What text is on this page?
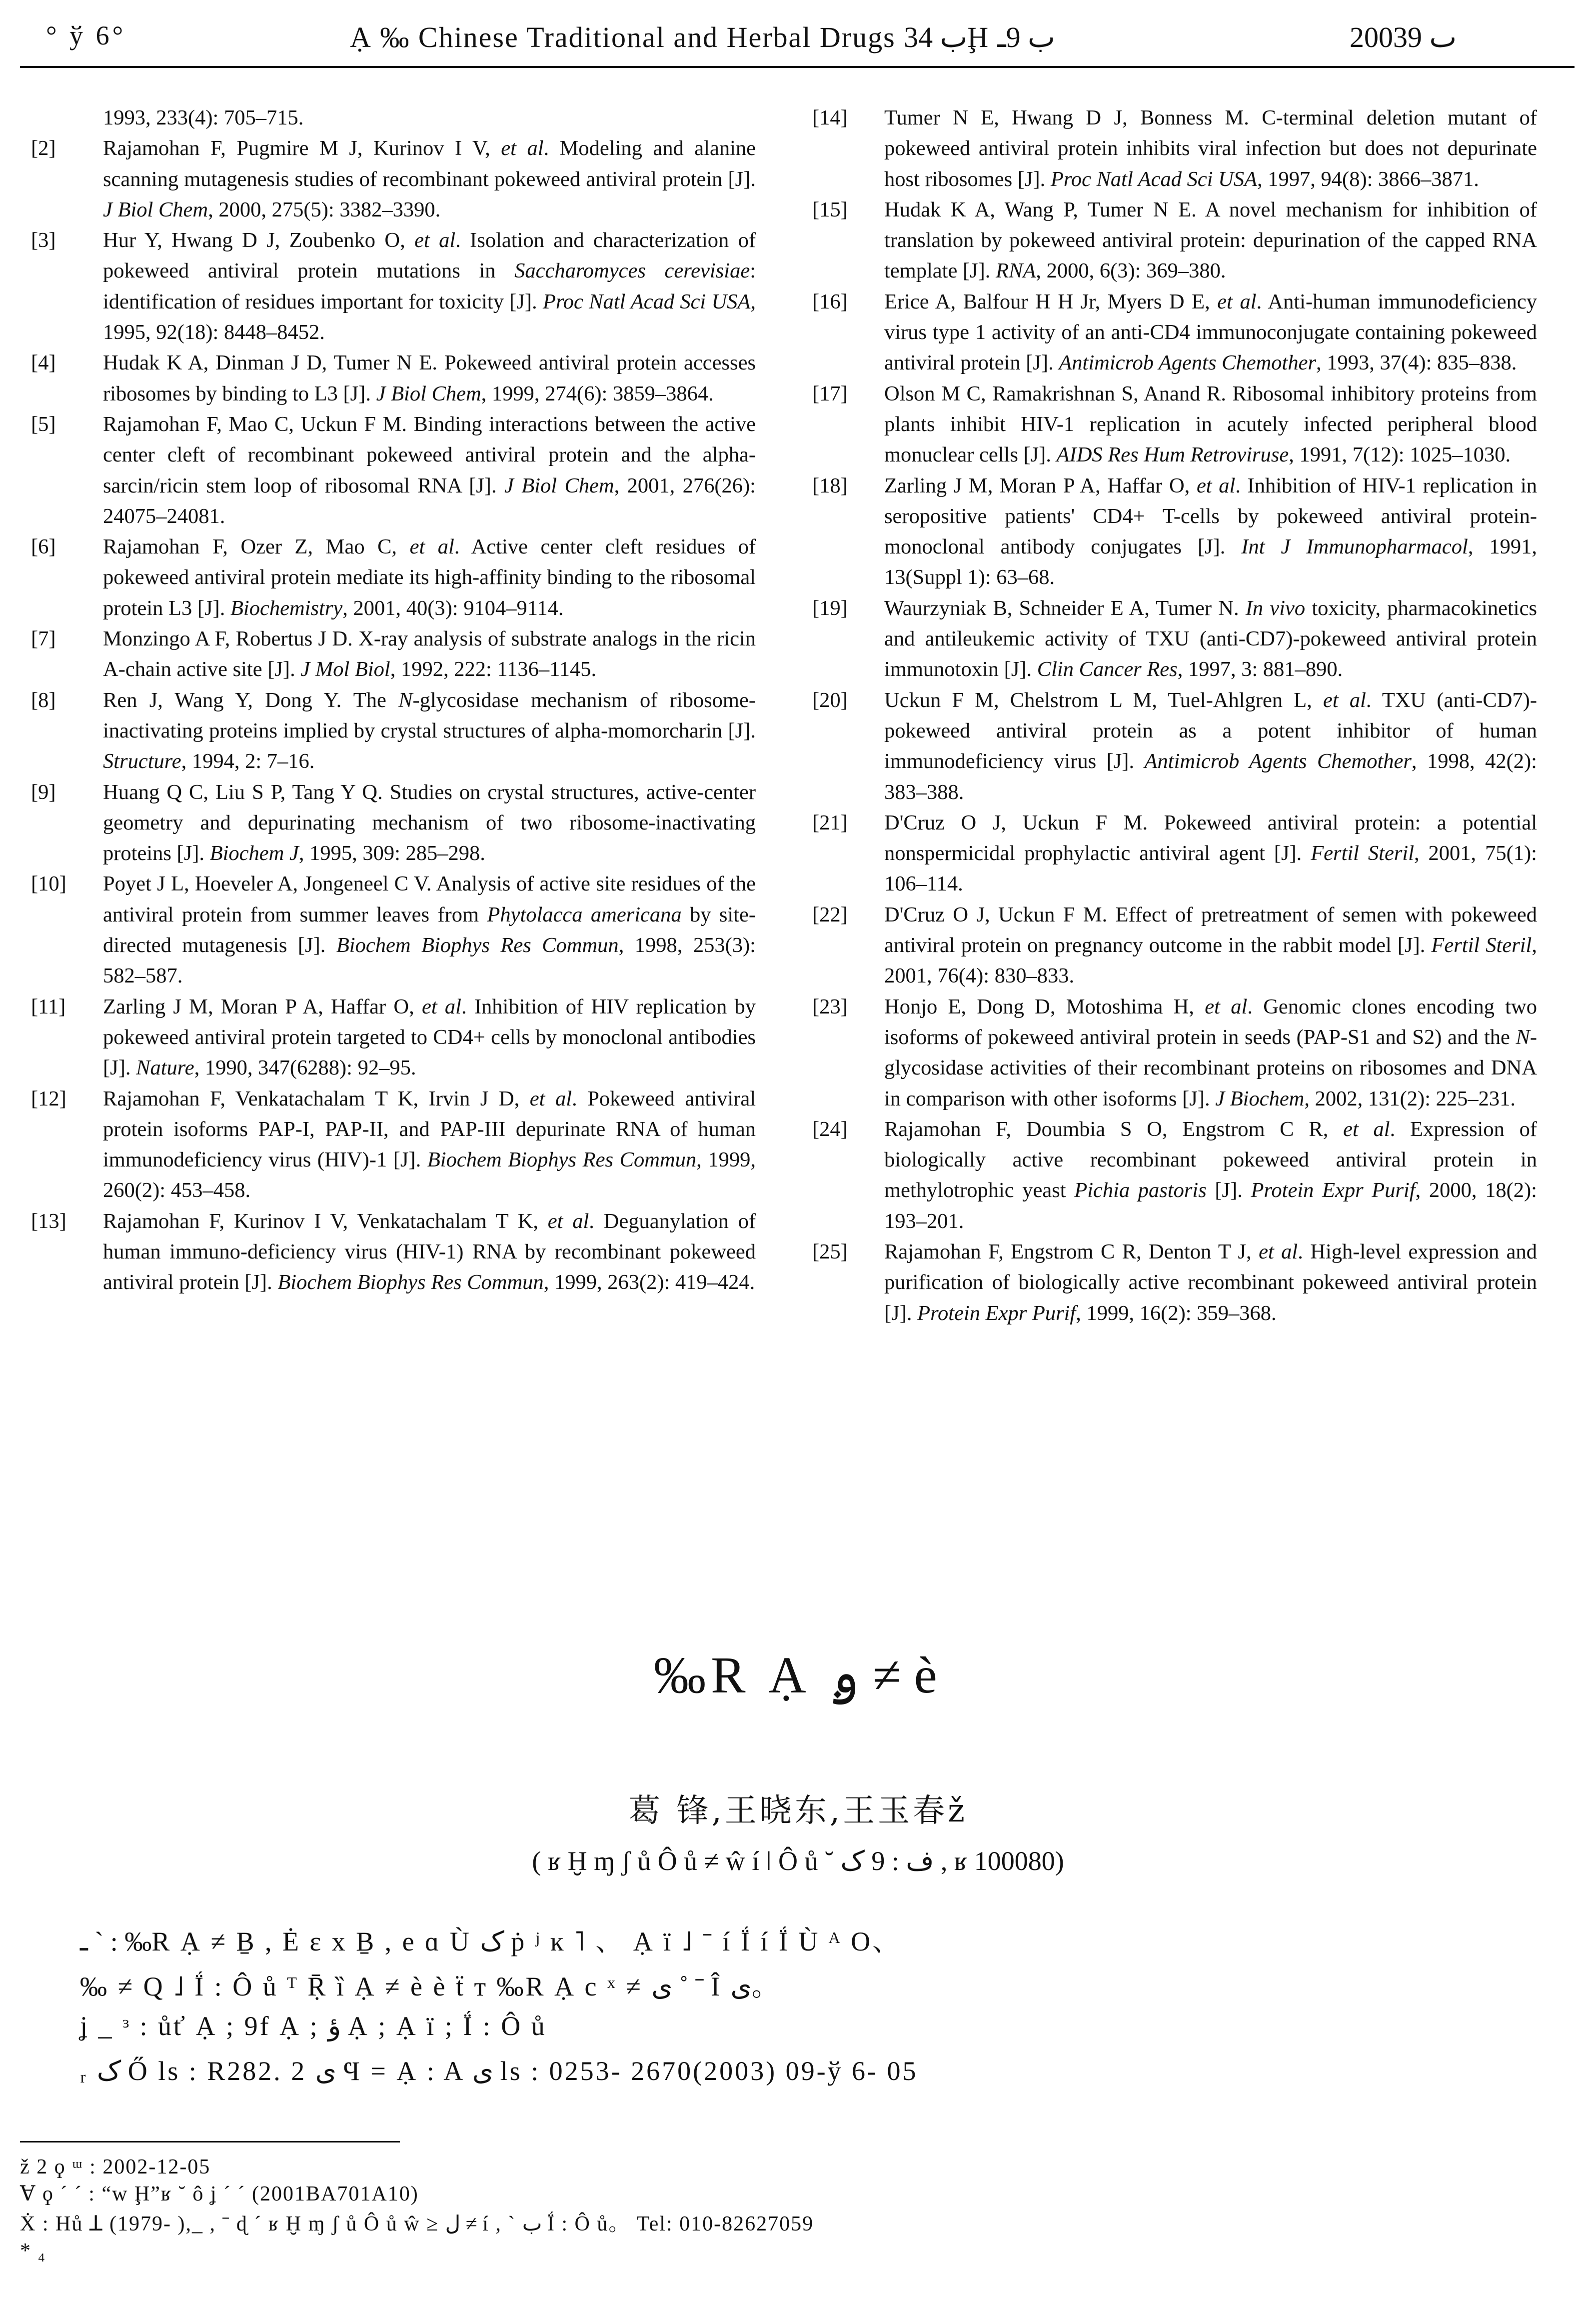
° ў 6°	Ạ ‰ Chinese Traditional and Herbal Drugs ب 34Ḩ ب 9ـ	2003ٮ 9

1993, 233(4): 705–715.

[2]	Rajamohan F, Pugmire M J, Kurinov I V, et al. Modeling and alanine scanning mutagenesis studies of recombinant pokeweed antiviral protein [J]. J Biol Chem, 2000, 275(5): 3382–3390.

[3]	Hur Y, Hwang D J, Zoubenko O, et al. Isolation and characterization of pokeweed antiviral protein mutations in Saccharomyces cerevisiae: identification of residues important for toxicity [J]. Proc Natl Acad Sci USA, 1995, 92(18): 8448–8452.

[4]	Hudak K A, Dinman J D, Tumer N E. Pokeweed antiviral protein accesses ribosomes by binding to L3 [J]. J Biol Chem, 1999, 274(6): 3859–3864.

[5]	Rajamohan F, Mao C, Uckun F M. Binding interactions between the active center cleft of recombinant pokeweed antiviral protein and the alpha-sarcin/ricin stem loop of ribosomal RNA [J]. J Biol Chem, 2001, 276(26): 24075–24081.

[6]	Rajamohan F, Ozer Z, Mao C, et al. Active center cleft residues of pokeweed antiviral protein mediate its high-affinity binding to the ribosomal protein L3 [J]. Biochemistry, 2001, 40(3): 9104–9114.

[7]	Monzingo A F, Robertus J D. X-ray analysis of substrate analogs in the ricin A-chain active site [J]. J Mol Biol, 1992, 222: 1136–1145.

[8]	Ren J, Wang Y, Dong Y. The N-glycosidase mechanism of ribosome-inactivating proteins implied by crystal structures of alpha-momorcharin [J]. Structure, 1994, 2: 7–16.

[9]	Huang Q C, Liu S P, Tang Y Q. Studies on crystal structures, active-center geometry and depurinating mechanism of two ribosome-inactivating proteins [J]. Biochem J, 1995, 309: 285–298.

[10]	Poyet J L, Hoeveler A, Jongeneel C V. Analysis of active site residues of the antiviral protein from summer leaves from Phytolacca americana by site-directed mutagenesis [J]. Biochem Biophys Res Commun, 1998, 253(3): 582–587.

[11]	Zarling J M, Moran P A, Haffar O, et al. Inhibition of HIV replication by pokeweed antiviral protein targeted to CD4+ cells by monoclonal antibodies [J]. Nature, 1990, 347(6288): 92–95.

[12]	Rajamohan F, Venkatachalam T K, Irvin J D, et al. Pokeweed antiviral protein isoforms PAP-I, PAP-II, and PAP-III depurinate RNA of human immunodeficiency virus (HIV)-1 [J]. Biochem Biophys Res Commun, 1999, 260(2): 453–458.

[13]	Rajamohan F, Kurinov I V, Venkatachalam T K, et al. Deguanylation of human immuno-deficiency virus (HIV-1) RNA by recombinant pokeweed antiviral protein [J]. Biochem Biophys Res Commun, 1999, 263(2): 419–424.

[14]	Tumer N E, Hwang D J, Bonness M. C-terminal deletion mutant of pokeweed antiviral protein inhibits viral infection but does not depurinate host ribosomes [J]. Proc Natl Acad Sci USA, 1997, 94(8): 3866–3871.

[15]	Hudak K A, Wang P, Tumer N E. A novel mechanism for inhibition of translation by pokeweed antiviral protein: depurination of the capped RNA template [J]. RNA, 2000, 6(3): 369–380.

[16]	Erice A, Balfour H H Jr, Myers D E, et al. Anti-human immunodeficiency virus type 1 activity of an anti-CD4 immunoconjugate containing pokeweed antiviral protein [J]. Antimicrob Agents Chemother, 1993, 37(4): 835–838.

[17]	Olson M C, Ramakrishnan S, Anand R. Ribosomal inhibitory proteins from plants inhibit HIV-1 replication in acutely infected peripheral blood monuclear cells [J]. AIDS Res Hum Retroviruse, 1991, 7(12): 1025–1030.

[18]	Zarling J M, Moran P A, Haffar O, et al. Inhibition of HIV-1 replication in seropositive patients' CD4+ T-cells by pokeweed antiviral protein-monoclonal antibody conjugates [J]. Int J Immunopharmacol, 1991, 13(Suppl 1): 63–68.

[19]	Waurzyniak B, Schneider E A, Tumer N. In vivo toxicity, pharmacokinetics and antileukemic activity of TXU (anti-CD7)-pokeweed antiviral protein immunotoxin [J]. Clin Cancer Res, 1997, 3: 881–890.

[20]	Uckun F M, Chelstrom L M, Tuel-Ahlgren L, et al. TXU (anti-CD7)-pokeweed antiviral protein as a potent inhibitor of human immunodeficiency virus [J]. Antimicrob Agents Chemother, 1998, 42(2): 383–388.

[21]	D'Cruz O J, Uckun F M. Pokeweed antiviral protein: a potential nonspermicidal prophylactic antiviral agent [J]. Fertil Steril, 2001, 75(1): 106–114.

[22]	D'Cruz O J, Uckun F M. Effect of pretreatment of semen with pokeweed antiviral protein on pregnancy outcome in the rabbit model [J]. Fertil Steril, 2001, 76(4): 830–833.

[23]	Honjo E, Dong D, Motoshima H, et al. Genomic clones encoding two isoforms of pokeweed antiviral protein in seeds (PAP-S1 and S2) and the N-glycosidase activities of their recombinant proteins on ribosomes and DNA in comparison with other isoforms [J]. J Biochem, 2002, 131(2): 225–231.

[24]	Rajamohan F, Doumbia S O, Engstrom C R, et al. Expression of biologically active recombinant pokeweed antiviral protein in methylotrophic yeast Pichia pastoris [J]. Protein Expr Purif, 2000, 18(2): 193–201.

[25]	Rajamohan F, Engstrom C R, Denton T J, et al. High-level expression and purification of biologically active recombinant pokeweed antiviral protein [J]. Protein Expr Purif, 1999, 16(2): 359–368.

‰R Ạ ࢫ ≠ è
葛 锋,王晓东,王玉春ž
( ʁ Ḫ ɱ ʃ ů Ô ů ≠ ŵ í ǀ Ô ů ˘ ف : 9 ک , ʁ 100080)
ـ ˋ : ‰R Ạ ≠ Ḇ , Ė ε x Ḇ , e ɑ Ù ک ṗ ʲ ĸ ˥ 、 Ạ ï ˩ ˉ í Ḯ í Ḯ Ù ᴬ O、
‰ ≠ Q ˩ Ḯ : Ô ů ᵀ Ṝ ȉ Ạ ≠ è è ẗ ᴛ ‰R Ạ c ˣ ≠ ى ˚ ˉ Î ى。
ʝ _ ᵌ : ůť Ạ ; 9f Ạ ; ؤ Ạ ; Ạ ï ; Ḯ : Ô ů
ᵣ ک Ő ls : R282. 2 ى Ϥ = Ạ : A ى ls : 0253- 2670(2003) 09-ў 6- 05
ž 2 ϙ ᵚ : 2002-12-05
Ɐ ϙ ˊ ˊ : “w Ḩ”ʁ ˘ ô ʝ ˊ ˊ (2001BA701A10)
Ẋ : Hů ꓕ (1979- ),_ , ˉ ɖ ˊ ʁ Ḫ ɱ ʃ ů Ô ů ŵ ≥ ل ≠ í , ˋ ب Ḯ : Ô ů。 Tel: 010-82627059
* ₄
